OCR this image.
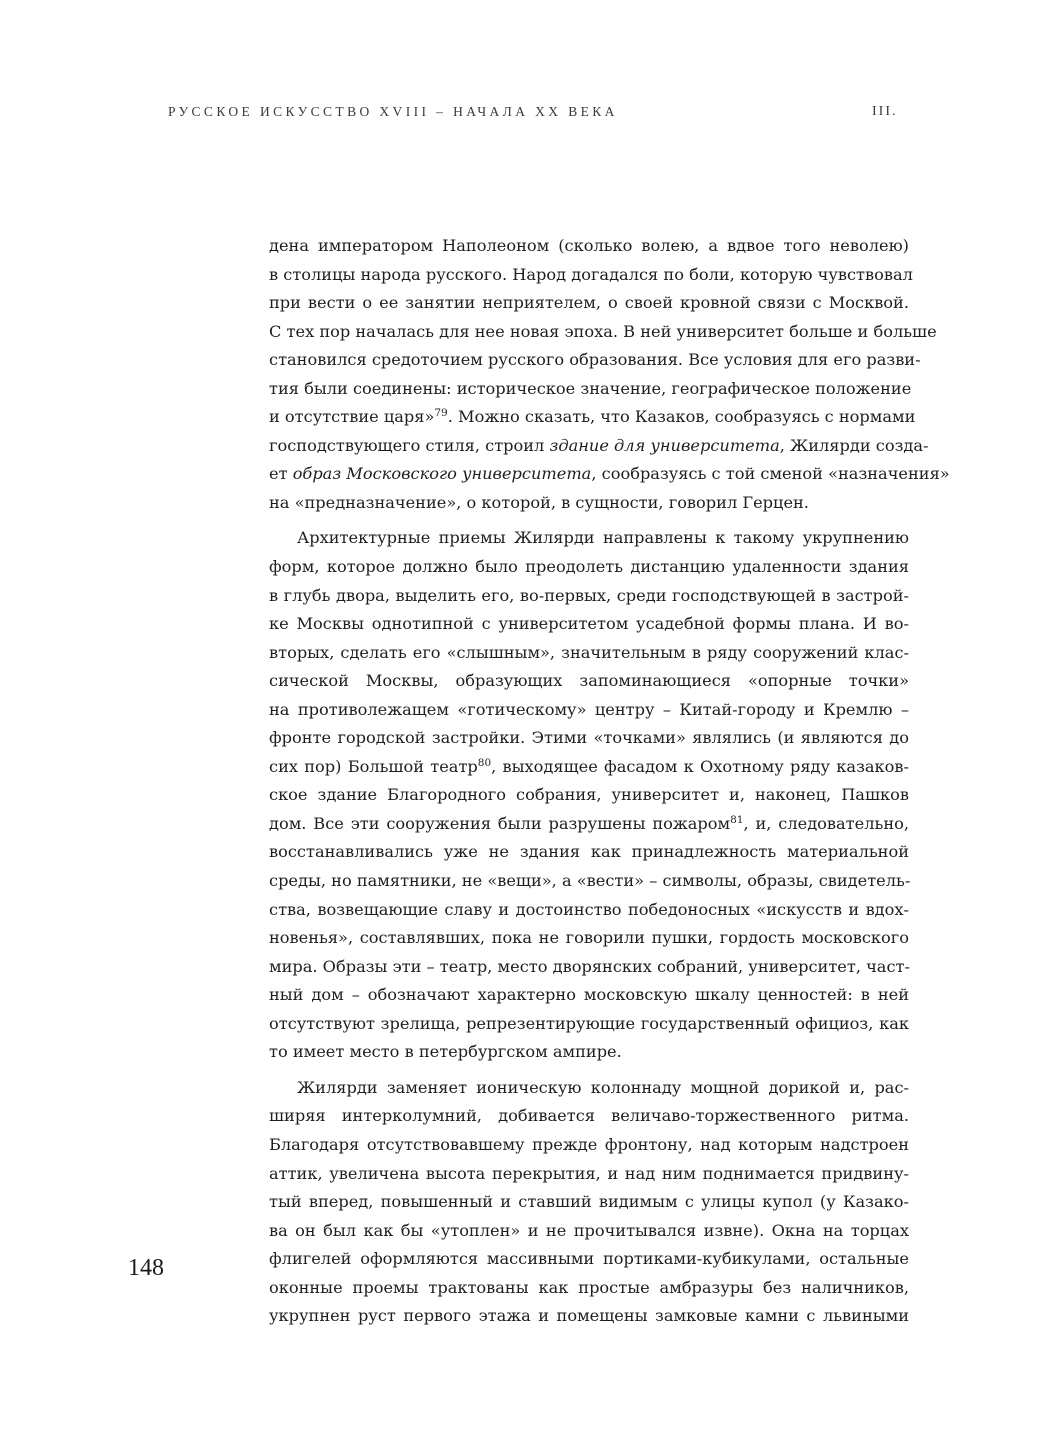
РУССКОЕ ИСКУССТВО XVIII – НАЧАЛА XX ВЕКА	III.
дена императором Наполеоном (сколько волею, а вдвое того неволею)
в столицы народа русского. Народ догадался по боли, которую чувствовал
при вести о ее занятии неприятелем, о своей кровной связи с Москвой.
С тех пор началась для нее новая эпоха. В ней университет больше и больше
становился средоточием русского образования. Все условия для его разви-
тия были соединены: историческое значение, географическое положение
и отсутствие царя»$^{79}$. Можно сказать, что Казаков, сообразуясь с нормами
господствующего стиля, строил здание для университета, Жилярди созда-
ет образ Московского университета, сообразуясь с той сменой «назначения»
на «предназначение», о которой, в сущности, говорил Герцен.
Архитектурные приемы Жилярди направлены к такому укрупнению
форм, которое должно было преодолеть дистанцию удаленности здания
в глубь двора, выделить его, во-первых, среди господствующей в застрой-
ке Москвы однотипной с университетом усадебной формы плана. И во-
вторых, сделать его «слышным», значительным в ряду сооружений клас-
сической Москвы, образующих запоминающиеся «опорные точки»
на противолежащем «готическому» центру – Китай-городу и Кремлю –
фронте городской застройки. Этими «точками» являлись (и являются до
сих пор) Большой театр$^{80}$, выходящее фасадом к Охотному ряду казаков-
ское здание Благородного собрания, университет и, наконец, Пашков
дом. Все эти сооружения были разрушены пожаром$^{81}$, и, следовательно,
восстанавливались уже не здания как принадлежность материальной
среды, но памятники, не «вещи», а «вести» – символы, образы, свидетель-
ства, возвещающие славу и достоинство победоносных «искусств и вдох-
новенья», составлявших, пока не говорили пушки, гордость московского
мира. Образы эти – театр, место дворянских собраний, университет, част-
ный дом – обозначают характерно московскую шкалу ценностей: в ней
отсутствуют зрелища, репрезентирующие государственный официоз, как
то имеет место в петербургском ампире.
Жилярди заменяет ионическую колоннаду мощной дорикой и, рас-
ширяя интерколумний, добивается величаво-торжественного ритма.
Благодаря отсутствовавшему прежде фронтону, над которым надстроен
аттик, увеличена высота перекрытия, и над ним поднимается придвину-
тый вперед, повышенный и ставший видимым с улицы купол (у Казако-
ва он был как бы «утоплен» и не прочитывался извне). Окна на торцах
флигелей оформляются массивными портиками-кубикулами, остальные
оконные проемы трактованы как простые амбразуры без наличников,
укрупнен руст первого этажа и помещены замковые камни с львиными
148
